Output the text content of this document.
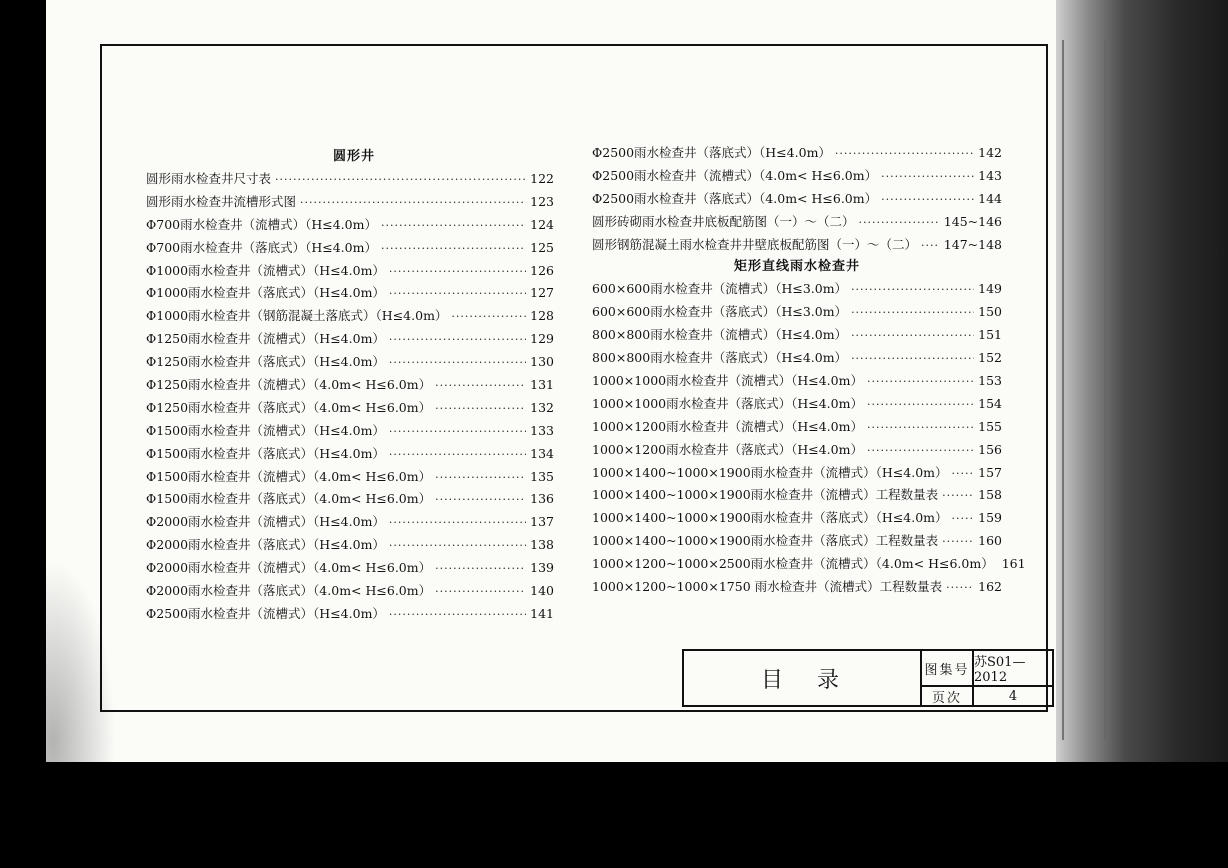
圆形井
圆形雨水检查井尺寸表 ·····	122
圆形雨水检查井流槽形式图 ·····	123
Φ700雨水检查井（流槽式）（H≤4.0m） ·····	124
Φ700雨水检查井（落底式）（H≤4.0m） ·····	125
Φ1000雨水检查井（流槽式）（H≤4.0m） ·····	126
Φ1000雨水检查井（落底式）（H≤4.0m） ·····	127
Φ1000雨水检查井（钢筋混凝土落底式）（H≤4.0m） ·····	128
Φ1250雨水检查井（流槽式）（H≤4.0m） ·····	129
Φ1250雨水检查井（落底式）（H≤4.0m） ·····	130
Φ1250雨水检查井（流槽式）（4.0m< H≤6.0m） ·····	131
Φ1250雨水检查井（落底式）（4.0m< H≤6.0m） ·····	132
Φ1500雨水检查井（流槽式）（H≤4.0m） ·····	133
Φ1500雨水检查井（落底式）（H≤4.0m） ·····	134
Φ1500雨水检查井（流槽式）（4.0m< H≤6.0m） ·····	135
Φ1500雨水检查井（落底式）（4.0m< H≤6.0m） ·····	136
Φ2000雨水检查井（流槽式）（H≤4.0m） ·····	137
Φ2000雨水检查井（落底式）（H≤4.0m） ·····	138
Φ2000雨水检查井（流槽式）（4.0m< H≤6.0m） ·····	139
Φ2000雨水检查井（落底式）（4.0m< H≤6.0m） ·····	140
Φ2500雨水检查井（流槽式）（H≤4.0m） ·····	141
Φ2500雨水检查井（落底式）（H≤4.0m） ·····	142
Φ2500雨水检查井（流槽式）（4.0m< H≤6.0m） ·····	143
Φ2500雨水检查井（落底式）（4.0m< H≤6.0m） ·····	144
圆形砖砌雨水检查井底板配筋图（一）～（二） ·····	145~146
圆形钢筋混凝土雨水检查井井壁底板配筋图（一）～（二） ····· 147~148
矩形直线雨水检查井
600×600雨水检查井（流槽式）（H≤3.0m） ·····	149
600×600雨水检查井（落底式）（H≤3.0m） ·····	150
800×800雨水检查井（流槽式）（H≤4.0m） ·····	151
800×800雨水检查井（落底式）（H≤4.0m） ·····	152
1000×1000雨水检查井（流槽式）（H≤4.0m） ·····	153
1000×1000雨水检查井（落底式）（H≤4.0m） ·····	154
1000×1200雨水检查井（流槽式）（H≤4.0m） ·····	155
1000×1200雨水检查井（落底式）（H≤4.0m） ·····	156
1000×1400~1000×1900雨水检查井（流槽式）（H≤4.0m） ····· 157
1000×1400~1000×1900雨水检查井（流槽式）工程数量表 ·····	158
1000×1400~1000×1900雨水检查井（落底式）（H≤4.0m） ····· 159
1000×1400~1000×1900雨水检查井（落底式）工程数量表 ·····	160
1000×1200~1000×2500雨水检查井（流槽式）（4.0m< H≤6.0m） 161
1000×1200~1000×1750 雨水检查井（流槽式）工程数量表 ·····	162
目录	图集号 苏S01—2012
页次	4
